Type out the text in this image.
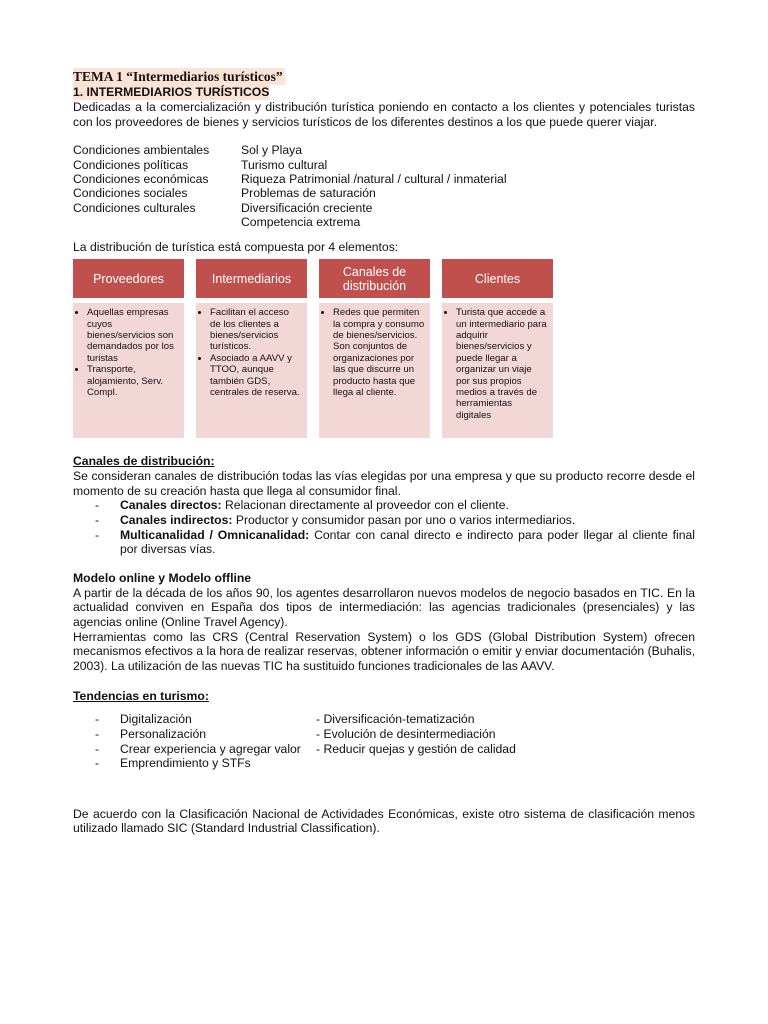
TEMA 1 “Intermediarios turísticos”
1. INTERMEDIARIOS TURÍSTICOS

Dedicadas a la comercialización y distribución turística poniendo en contacto a los clientes y potenciales turistas con los proveedores de bienes y servicios turísticos de los diferentes destinos a los que puede querer viajar.

Condiciones ambientales	Sol y Playa
Condiciones políticas	Turismo cultural
Condiciones económicas	Riqueza Patrimonial /natural / cultural / inmaterial
Condiciones sociales	Problemas de saturación
Condiciones culturales	Diversificación creciente
Competencia extrema

La distribución de turística está compuesta por 4 elementos:

Proveedores
• Aquellas empresas cuyos bienes/servicios son demandados por los turistas
• Transporte, alojamiento, Serv. Compl.
Intermediarios
• Facilitan el acceso de los clientes a bienes/servicios turísticos.
• Asociado a AAVV y TTOO, aunque también GDS, centrales de reserva.
Canales de distribución
• Redes que permiten la compra y consumo de bienes/servicios. Son conjuntos de organizaciones por las que discurre un producto hasta que llega al cliente.
Clientes
• Turista que accede a un intermediario para adquirir bienes/servicios y puede llegar a organizar un viaje por sus propios medios a través de herramientas digitales
Canales de distribución:

Se consideran canales de distribución todas las vías elegidas por una empresa y que su producto recorre desde el momento de su creación hasta que llega al consumidor final.

-	Canales directos: Relacionan directamente al proveedor con el cliente.
-	Canales indirectos: Productor y consumidor pasan por uno o varios intermediarios.
-	Multicanalidad / Omnicanalidad: Contar con canal directo e indirecto para poder llegar al cliente final por diversas vías.
Modelo online y Modelo offline

A partir de la década de los años 90, los agentes desarrollaron nuevos modelos de negocio basados en TIC. En la actualidad conviven en España dos tipos de intermediación: las agencias tradicionales (presenciales) y las agencias online (Online Travel Agency).

Herramientas como las CRS (Central Reservation System) o los GDS (Global Distribution System) ofrecen mecanismos efectivos a la hora de realizar reservas, obtener información o emitir y enviar documentación (Buhalis, 2003). La utilización de las nuevas TIC ha sustituido funciones tradicionales de las AAVV.

Tendencias en turismo:
-	Digitalización	- Diversificación-tematización
-	Personalización	- Evolución de desintermediación
-	Crear experiencia y agregar valor	- Reducir quejas y gestión de calidad
-	Emprendimiento y STFs

De acuerdo con la Clasificación Nacional de Actividades Económicas, existe otro sistema de clasificación menos utilizado llamado SIC (Standard Industrial Classification).
